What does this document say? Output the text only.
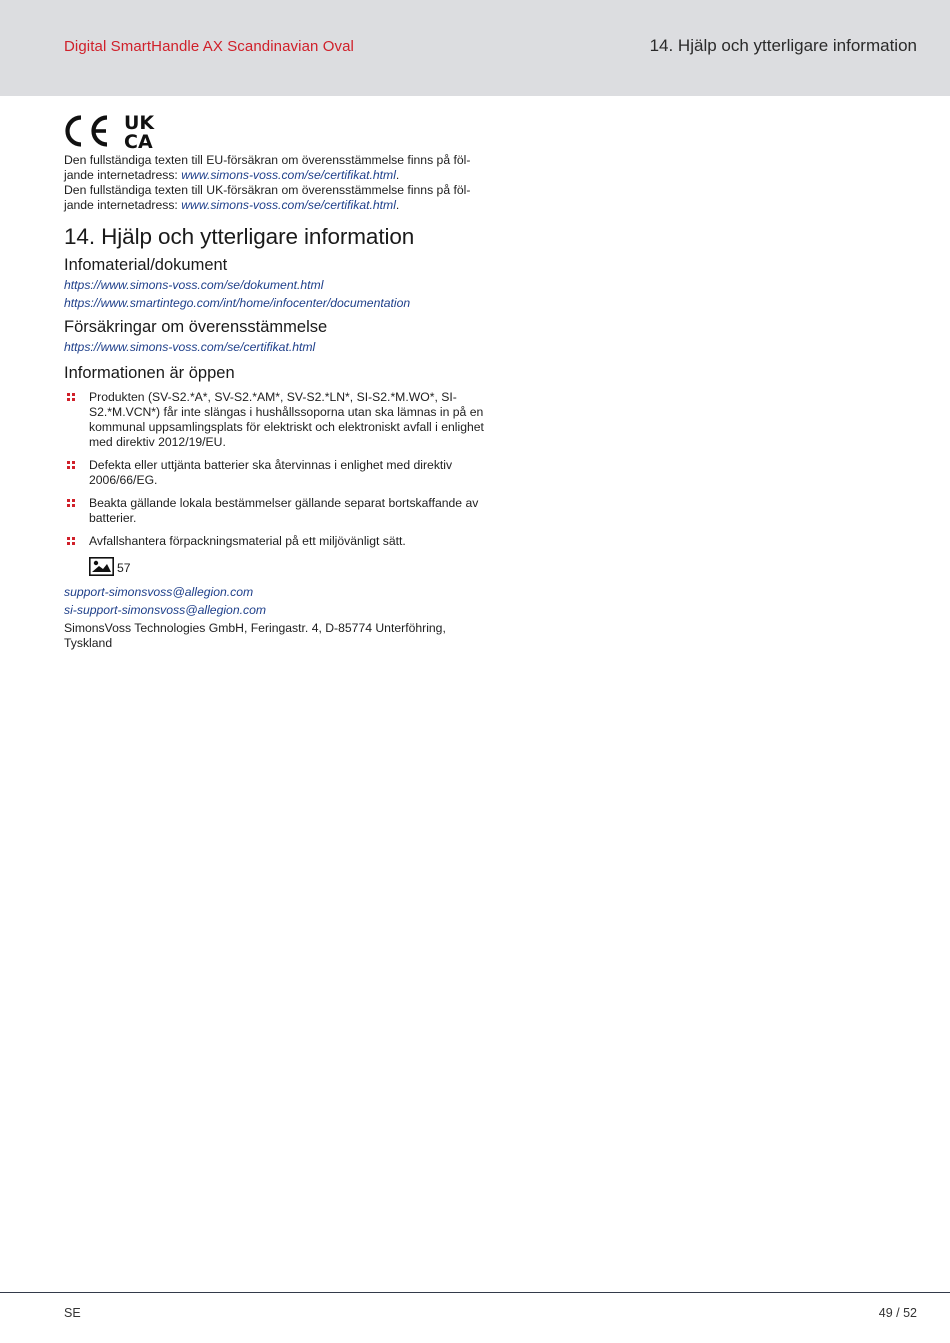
Digital SmartHandle AX Scandinavian Oval	14. Hjälp och ytterligare information
UK
CA

Den fullständiga texten till EU-försäkran om överensstämmelse finns på föl-
jande internetadress: www.simons-voss.com/se/certifikat.html.

Den fullständiga texten till UK-försäkran om överensstämmelse finns på föl-
jande internetadress: www.simons-voss.com/se/certifikat.html.

14. Hjälp och ytterligare information
Infomaterial/dokument
https://www.simons-voss.com/se/dokument.html
https://www.smartintego.com/int/home/infocenter/documentation
Försäkringar om överensstämmelse
https://www.simons-voss.com/se/certifikat.html
Informationen är öppen
Produkten (SV-S2.*A*, SV-S2.*AM*, SV-S2.*LN*, SI-S2.*M.WO*, SI-S2.*M.VCN*) får inte slängas i hushållssoporna utan ska lämnas in på en kommunal uppsamlingsplats för elektriskt och elektroniskt avfall i enlighet med direktiv 2012/19/EU.
Defekta eller uttjänta batterier ska återvinnas i enlighet med direktiv 2006/66/EG.
Beakta gällande lokala bestämmelser gällande separat bortskaffande av batterier.
Avfallshantera förpackningsmaterial på ett miljövänligt sätt.
57
support-simonsvoss@allegion.com
si-support-simonsvoss@allegion.com

SimonsVoss Technologies GmbH, Feringastr. 4, D-85774 Unterföhring, Tyskland

SE	49 / 52
